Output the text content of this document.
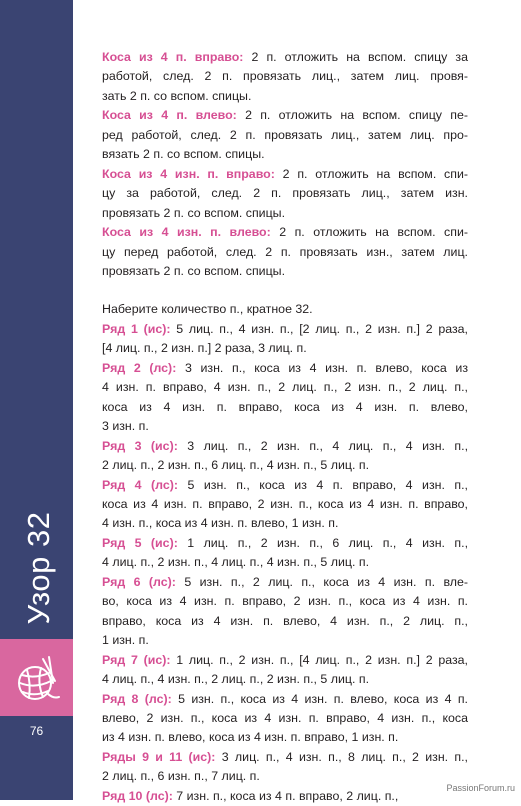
Узор 32
76

Коса из 4 п. вправо: 2 п. отложить на вспом. спицу за
работой, след. 2 п. провязать лиц., затем лиц. провя-
зать 2 п. со вспом. спицы.

Коса из 4 п. влево: 2 п. отложить на вспом. спицу пе-
ред работой, след. 2 п. провязать лиц., затем лиц. про-
вязать 2 п. со вспом. спицы.

Коса из 4 изн. п. вправо: 2 п. отложить на вспом. спи-
цу за работой, след. 2 п. провязать лиц., затем изн.
провязать 2 п. со вспом. спицы.

Коса из 4 изн. п. влево: 2 п. отложить на вспом. спи-
цу перед работой, след. 2 п. провязать изн., затем лиц.
провязать 2 п. со вспом. спицы.

Наберите количество п., кратное 32.

Ряд 1 (ис): 5 лиц. п., 4 изн. п., [2 лиц. п., 2 изн. п.] 2 раза,
[4 лиц. п., 2 изн. п.] 2 раза, 3 лиц. п.

Ряд 2 (лс): 3 изн. п., коса из 4 изн. п. влево, коса из
4 изн. п. вправо, 4 изн. п., 2 лиц. п., 2 изн. п., 2 лиц. п.,
коса из 4 изн. п. вправо, коса из 4 изн. п. влево,
3 изн. п.

Ряд 3 (ис): 3 лиц. п., 2 изн. п., 4 лиц. п., 4 изн. п.,
2 лиц. п., 2 изн. п., 6 лиц. п., 4 изн. п., 5 лиц. п.

Ряд 4 (лс): 5 изн. п., коса из 4 п. вправо, 4 изн. п.,
коса из 4 изн. п. вправо, 2 изн. п., коса из 4 изн. п. вправо,
4 изн. п., коса из 4 изн. п. влево, 1 изн. п.

Ряд 5 (ис): 1 лиц. п., 2 изн. п., 6 лиц. п., 4 изн. п.,
4 лиц. п., 2 изн. п., 4 лиц. п., 4 изн. п., 5 лиц. п.

Ряд 6 (лс): 5 изн. п., 2 лиц. п., коса из 4 изн. п. вле-
во, коса из 4 изн. п. вправо, 2 изн. п., коса из 4 изн. п.
вправо, коса из 4 изн. п. влево, 4 изн. п., 2 лиц. п.,
1 изн. п.

Ряд 7 (ис): 1 лиц. п., 2 изн. п., [4 лиц. п., 2 изн. п.] 2 раза,
4 лиц. п., 4 изн. п., 2 лиц. п., 2 изн. п., 5 лиц. п.

Ряд 8 (лс): 5 изн. п., коса из 4 изн. п. влево, коса из 4 п.
влево, 2 изн. п., коса из 4 изн. п. вправо, 4 изн. п., коса
из 4 изн. п. влево, коса из 4 изн. п. вправо, 1 изн. п.

Ряды 9 и 11 (ис): 3 лиц. п., 4 изн. п., 8 лиц. п., 2 изн. п.,
2 лиц. п., 6 изн. п., 7 лиц. п.

Ряд 10 (лс): 7 изн. п., коса из 4 п. вправо, 2 лиц. п.,

PassionForum.ru
